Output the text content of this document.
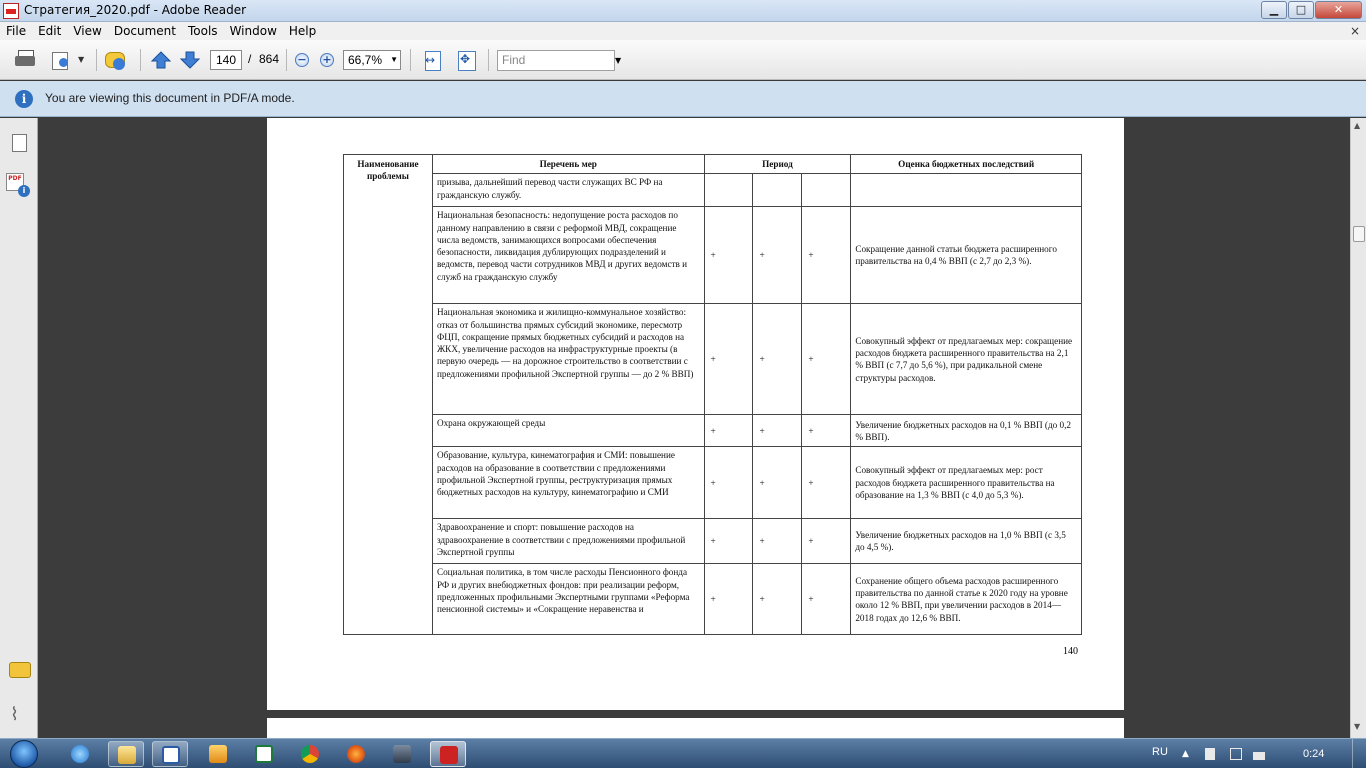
Стратегия_2020.pdf - Adobe Reader	▁	□	✕
File Edit View Document Tools Window Help	×
▼	140 / 864 − +	66,7% ▼ ↔ ✥	Find	▼
i	You are viewing this document in PDF/A mode.
PDF
i
⌇
Наименование проблемы	Перечень мер	Период			Оценка бюджетных последствий
	призыва, дальнейший перевод части служащих ВС РФ на гражданскую службу.				
	Национальная безопасность: недопущение роста расходов по данному направлению в связи с реформой МВД, сокращение числа ведомств, занимающихся вопросами обеспечения безопасности, ликвидация дублирующих подразделений и ведомств, перевод части сотрудников МВД и других ведомств и служб на гражданскую службу	+	+	+	Сокращение данной статьи бюджета расширенного правительства на 0,4 % ВВП (с 2,7 до 2,3 %).
	Национальная экономика и жилищно-коммунальное хозяйство: отказ от большинства прямых субсидий экономике, пересмотр ФЦП, сокращение прямых бюджетных субсидий и расходов на ЖКХ, увеличение расходов на инфраструктурные проекты (в первую очередь — на дорожное строительство в соответствии с предложениями профильной Экспертной группы — до 2 % ВВП)	+	+	+	Совокупный эффект от предлагаемых мер: сокращение расходов бюджета расширенного правительства на 2,1 % ВВП (с 7,7 до 5,6 %), при радикальной смене структуры расходов.
	Охрана окружающей среды	+	+	+	Увеличение бюджетных расходов на 0,1 % ВВП (до 0,2 % ВВП).
	Образование, культура, кинематография и СМИ: повышение расходов на образование в соответствии с предложениями профильной Экспертной группы, реструктуризация прямых бюджетных расходов на культуру, кинематографию и СМИ	+	+	+	Совокупный эффект от предлагаемых мер: рост расходов бюджета расширенного правительства на образование на 1,3 % ВВП (с 4,0 до 5,3 %).
	Здравоохранение и спорт: повышение расходов на здравоохранение в соответствии с предложениями профильной Экспертной группы	+	+	+	Увеличение бюджетных расходов на 1,0 % ВВП (с 3,5 до 4,5 %).
	Социальная политика, в том числе расходы Пенсионного фонда РФ и других внебюджетных фондов: при реализации реформ, предложенных профильными Экспертными группами «Реформа пенсионной системы» и «Сокращение неравенства и	+	+	+	Сохранение общего объема расходов расширенного правительства по данной статье к 2020 году на уровне около 12 % ВВП, при увеличении расходов в 2014—2018 годах до 12,6 % ВВП.
140
▲
▼
RU ▲	0:24
